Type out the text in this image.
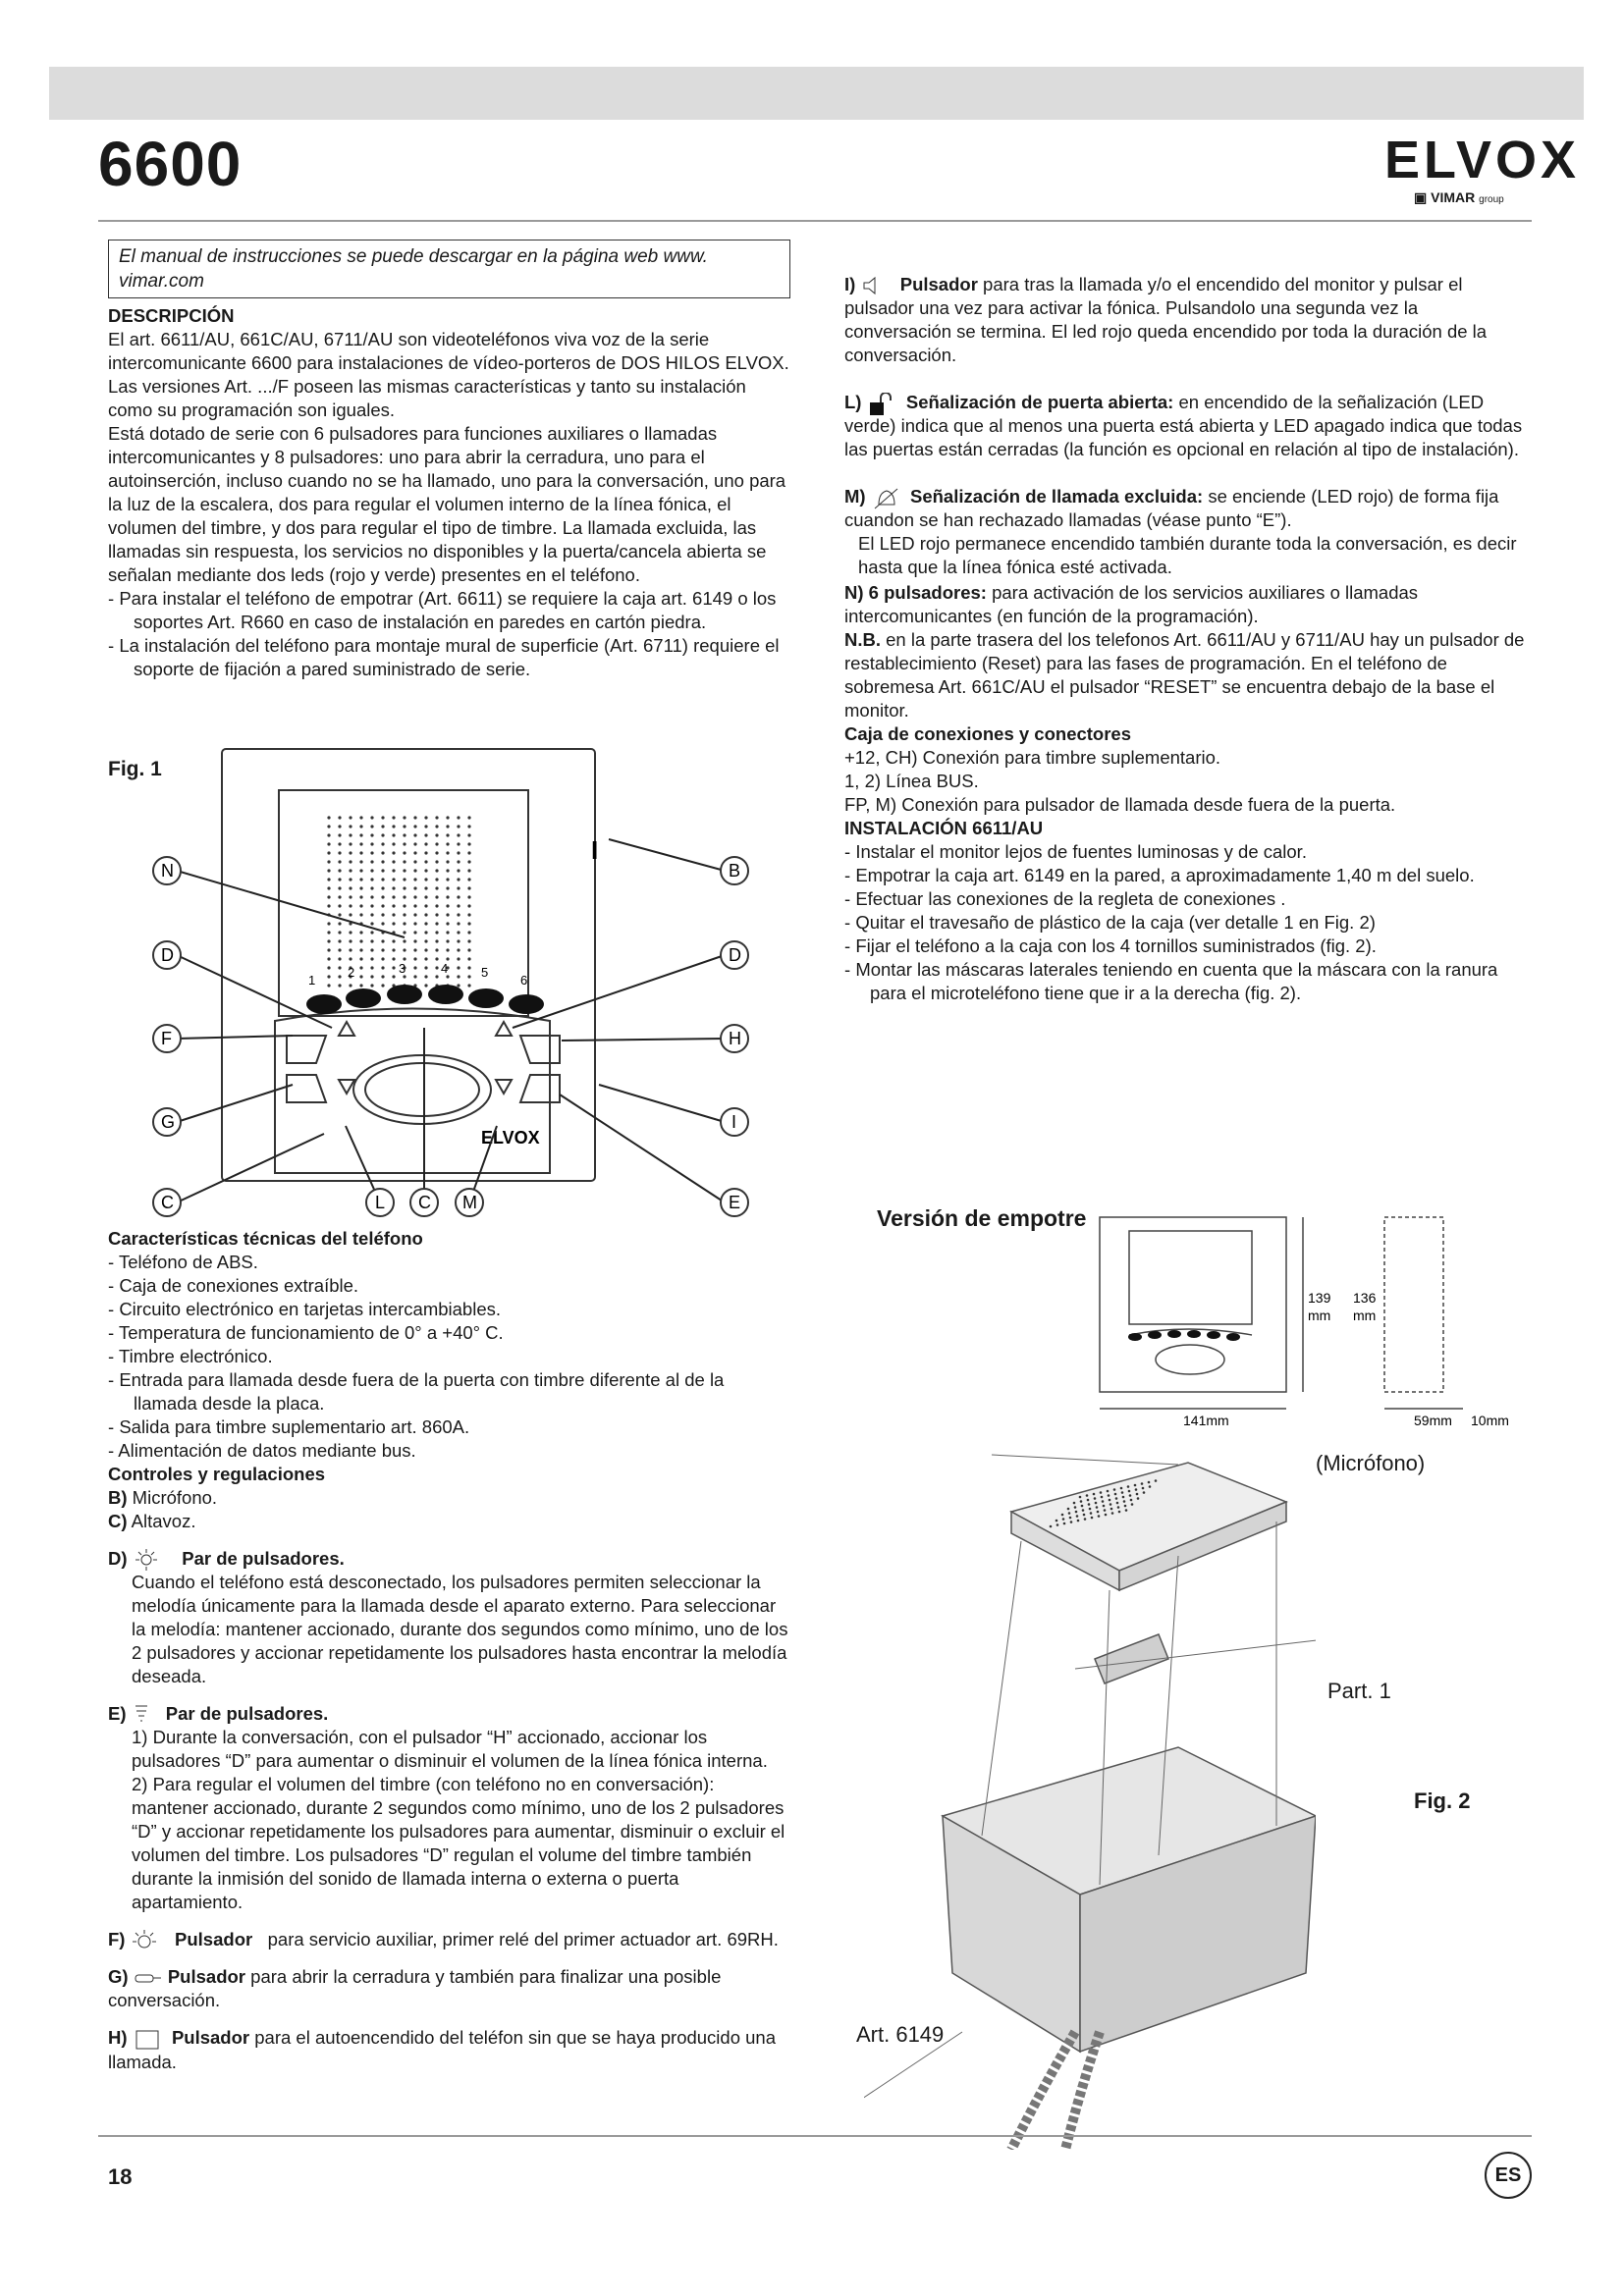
6600	ELVOX
▣ VIMAR group
El manual de instrucciones se puede descargar en la página web www. vimar.com

DESCRIPCIÓN

El art. 6611/AU, 661C/AU, 6711/AU son videoteléfonos viva voz de la serie intercomunicante 6600 para instalaciones de vídeo-porteros de DOS HILOS ELVOX. Las versiones Art. .../F poseen las mismas características y tanto su instalación como su programación son iguales.

Está dotado de serie con 6 pulsadores para funciones auxiliares o llamadas intercomunicantes y 8 pulsadores: uno para abrir la cerradura, uno para el autoinserción, incluso cuando no se ha llamado, uno para la conversación, uno para la luz de la escalera, dos para regular el volumen interno de la línea fónica, el volumen del timbre, y dos para regular el tipo de timbre. La llamada excluida, las llamadas sin respuesta, los servicios no disponibles y la puerta/cancela abierta se señalan mediante dos leds (rojo y verde) presentes en el teléfono.

- Para instalar el teléfono de empotrar (Art. 6611) se requiere la caja art. 6149 o los soportes Art. R660 en caso de instalación en paredes en cartón piedra.
- La instalación del teléfono para montaje mural de superficie (Art. 6711) requiere el soporte de fijación a pared suministrado de serie.
Fig. 1
1
2	3	4	5
6
ELVOX
I
N
D
F
G
C
B
D
H
I
E
L C M

Características técnicas del teléfono

- Teléfono de ABS.
- Caja de conexiones extraíble.
- Circuito electrónico en tarjetas intercambiables.
- Temperatura de funcionamiento de 0° a +40° C.
- Timbre electrónico.
- Entrada para llamada desde fuera de la puerta con timbre diferente al de la llamada desde la placa.
- Salida para timbre suplementario art. 860A.
- Alimentación de datos mediante bus.

Controles y regulaciones

B) Micrófono.

C) Altavoz.

D)	Par de pulsadores.

Cuando el teléfono está desconectado, los pulsadores permiten seleccionar la melodía únicamente para la llamada desde el aparato externo. Para seleccionar la melodía: mantener accionado, durante dos segundos como mínimo, uno de los 2 pulsadores y accionar repetidamente los pulsadores hasta encontrar la melodía deseada.

E) Par de pulsadores.

1) Durante la conversación, con el pulsador “H” accionado, accionar los pulsadores “D” para aumentar o disminuir el volumen de la línea fónica interna.

2) Para regular el volumen del timbre (con teléfono no en conversación): mantener accionado, durante 2 segundos como mínimo, uno de los 2 pulsadores “D” y accionar repetidamente los pulsadores para aumentar, disminuir o excluir el volumen del timbre. Los pulsadores “D” regulan el volume del timbre también durante la inmisión del sonido de llamada interna o externa o puerta apartamiento.

F)	Pulsador para servicio auxiliar, primer relé del primer actuador art. 69RH.
G) Pulsador para abrir la cerradura y también para finalizar una posible conversación.
H) Pulsador para el autoencendido del teléfon sin que se haya producido una llamada.
I) Pulsador para tras la llamada y/o el encendido del monitor y pulsar el pulsador una vez para activar la fónica. Pulsandolo una segunda vez la conversación se termina. El led rojo queda encendido por toda la duración de la conversación.
L) Señalización de puerta abierta: en encendido de la señalización (LED verde) indica que al menos una puerta está abierta y LED apagado indica que todas las puertas están cerradas (la función es opcional en relación al tipo de instalación).
M) Señalización de llamada excluida: se enciende (LED rojo) de forma fija cuandon se han rechazado llamadas (véase punto “E”).

El LED rojo permanece encendido también durante toda la conversación, es decir hasta que la línea fónica esté activada.

N) 6 pulsadores: para activación de los servicios auxiliares o llamadas intercomunicantes (en función de la programación).

N.B. en la parte trasera del los telefonos Art. 6611/AU y 6711/AU hay un pulsador de restablecimiento (Reset) para las fases de programación. En el teléfono de sobremesa Art. 661C/AU el pulsador “RESET” se encuentra debajo de la base el monitor.

Caja de conexiones y conectores

+12, CH) Conexión para timbre suplementario.

1, 2) Línea BUS.

FP, M) Conexión para pulsador de llamada desde fuera de la puerta.

INSTALACIÓN 6611/AU

- Instalar el monitor lejos de fuentes luminosas y de calor.
- Empotrar la caja art. 6149 en la pared, a aproximadamente 1,40 m del suelo.
- Efectuar las conexiones de la regleta de conexiones .
- Quitar el travesaño de plástico de la caja (ver detalle 1 en Fig. 2)
- Fijar el teléfono a la caja con los 4 tornillos suministrados (fig. 2).
- Montar las máscaras laterales teniendo en cuenta que la máscara con la ranura para el microteléfono tiene que ir a la derecha (fig. 2).
Versión de empotre
139
mm
136
mm
141mm	59mm 10mm
(Micrófono)
Part. 1
Fig. 2
Art. 6149
18	ES
